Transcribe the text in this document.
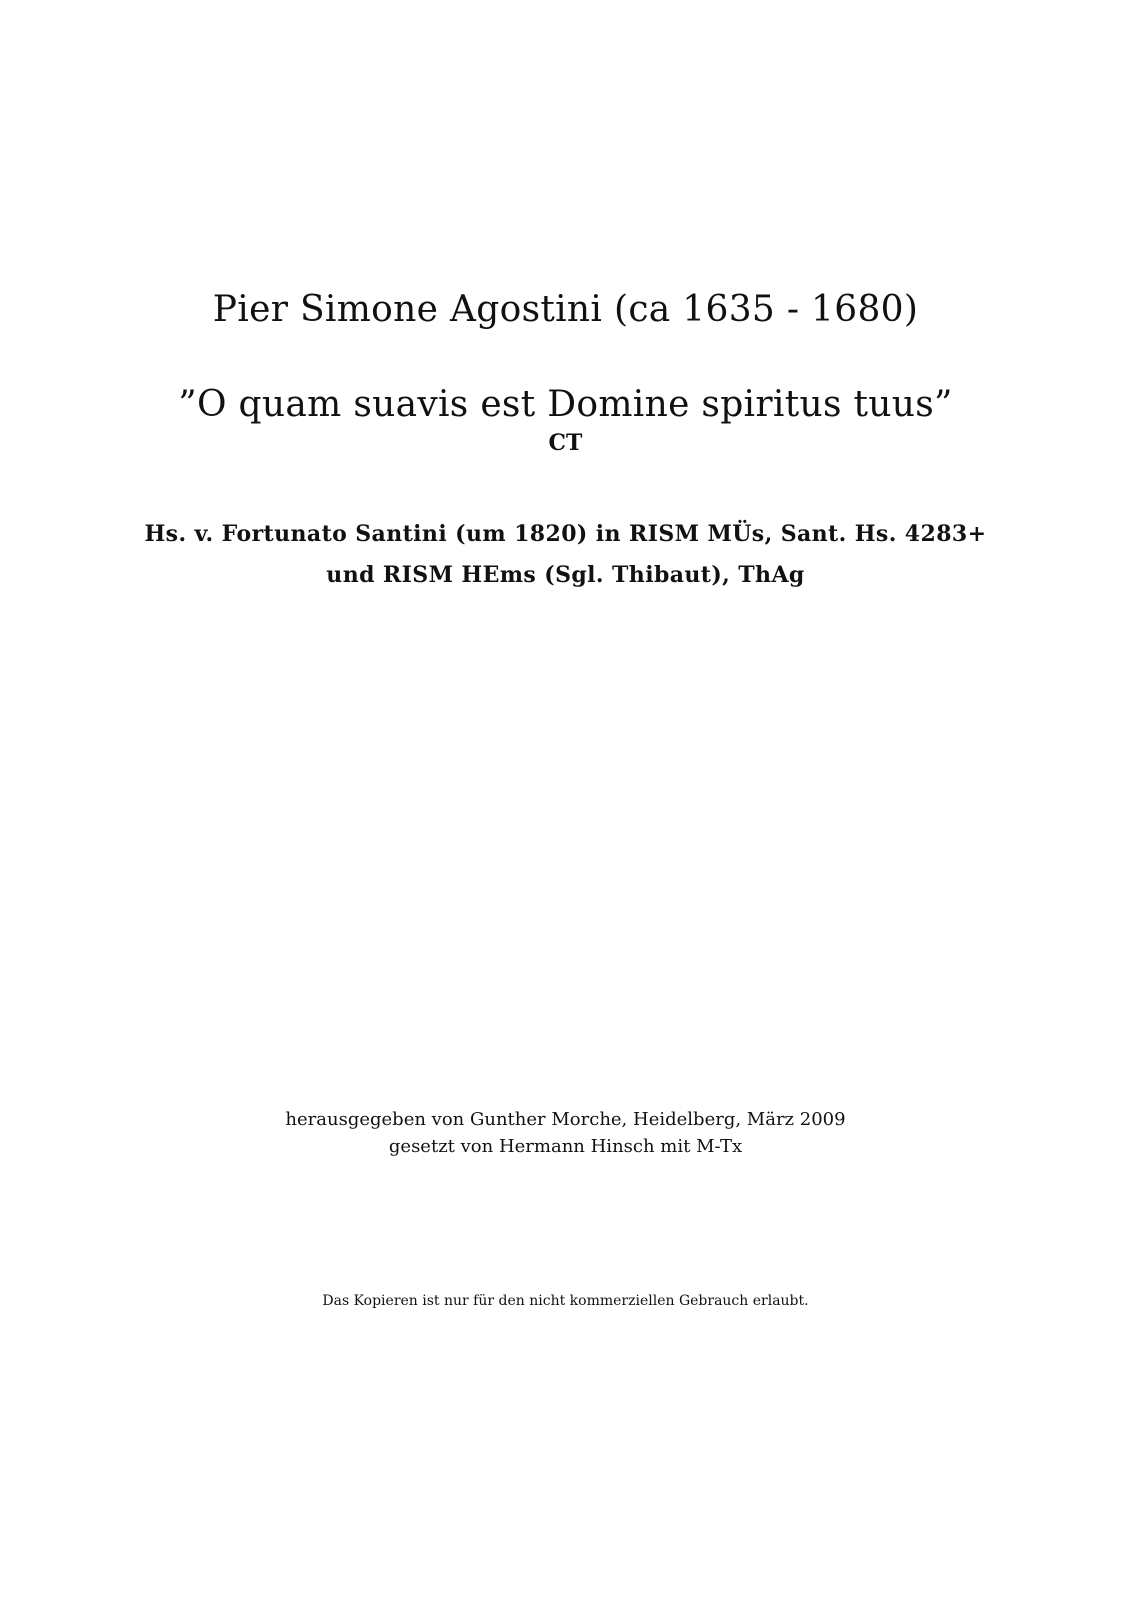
Pier Simone Agostini (ca 1635 - 1680)
”O quam suavis est Domine spiritus tuus”
CT
Hs. v. Fortunato Santini (um 1820) in RISM MÜs, Sant. Hs. 4283+
und RISM HEms (Sgl. Thibaut), ThAg
herausgegeben von Gunther Morche, Heidelberg, März 2009
gesetzt von Hermann Hinsch mit M-Tx
Das Kopieren ist nur für den nicht kommerziellen Gebrauch erlaubt.
